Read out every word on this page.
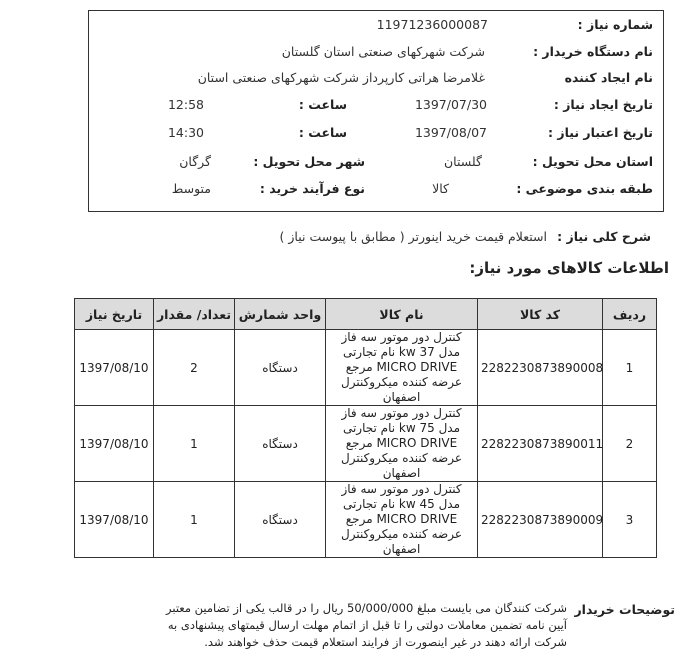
شماره نیاز :
11971236000087
نام دستگاه خریدار :
شرکت شهرکهای صنعتی استان گلستان
نام ایجاد کننده
غلامرضا هراتی کارپرداز شرکت شهرکهای صنعتی استان
تاریخ ایجاد نیاز :
1397/07/30
ساعت :
12:58
تاریخ اعتبار نیاز :
1397/08/07
ساعت :
14:30
استان محل تحویل :
گلستان
شهر محل تحویل :
گرگان
طبقه بندی موضوعی :
کالا
نوع فرآیند خرید :
متوسط
شرح کلی نیاز :
استعلام قیمت خرید اینورتر ( مطابق با پیوست نیاز )
اطلاعات کالاهای مورد نیاز:
ردیف	کد کالا	نام کالا	واحد شمارش	تعداد/ مقدار	تاریخ نیاز
1	2282230873890008	کنترل دور موتور سه فاز مدل 37 kw نام تجارتی MICRO DRIVE مرجع عرضه کننده میکروکنترل اصفهان	دستگاه	2	1397/08/10
2	2282230873890011	کنترل دور موتور سه فاز مدل 75 kw نام تجارتی MICRO DRIVE مرجع عرضه کننده میکروکنترل اصفهان	دستگاه	1	1397/08/10
3	2282230873890009	کنترل دور موتور سه فاز مدل 45 kw نام تجارتی MICRO DRIVE مرجع عرضه کننده میکروکنترل اصفهان	دستگاه	1	1397/08/10
توضیحات خریدار
شرکت کنندگان می بایست مبلغ 50/000/000 ریال را در قالب یکی از تضامین معتبر آیین نامه تضمین معاملات دولتی را تا قبل از اتمام مهلت ارسال قیمتهای پیشنهادی به شرکت ارائه دهند در غیر اینصورت از فرایند استعلام قیمت حذف خواهند شد.
